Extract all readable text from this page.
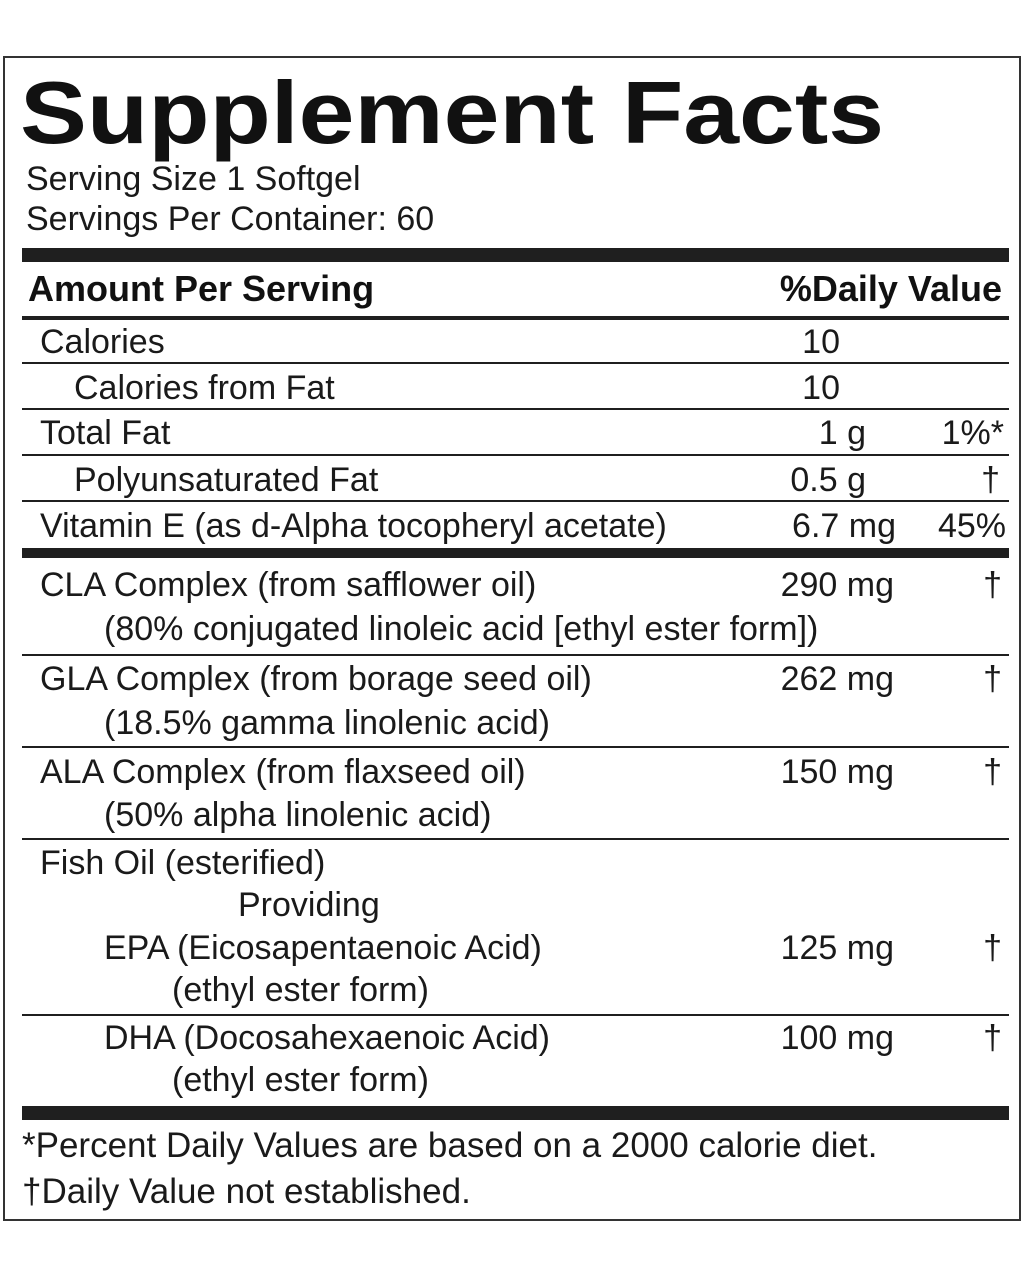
Supplement Facts
Serving Size 1 Softgel
Servings Per Container: 60
Amount Per Serving	%Daily Value
Calories	10
Calories from Fat	10
Total Fat	1 g 1%*
Polyunsaturated Fat	0.5 g	†
Vitamin E (as d-Alpha tocopheryl acetate)	6.7 mg 45%
CLA Complex (from safflower oil)
(80% conjugated linoleic acid [ethyl ester form])
290 mg	†
GLA Complex (from borage seed oil)
(18.5% gamma linolenic acid)
262 mg	†
ALA Complex (from flaxseed oil)
(50% alpha linolenic acid)
150 mg	†
Fish Oil (esterified)
Providing
EPA (Eicosapentaenoic Acid)
(ethyl ester form)
125 mg	†
DHA (Docosahexaenoic Acid)
(ethyl ester form)
100 mg	†
*Percent Daily Values are based on a 2000 calorie diet.
†Daily Value not established.
